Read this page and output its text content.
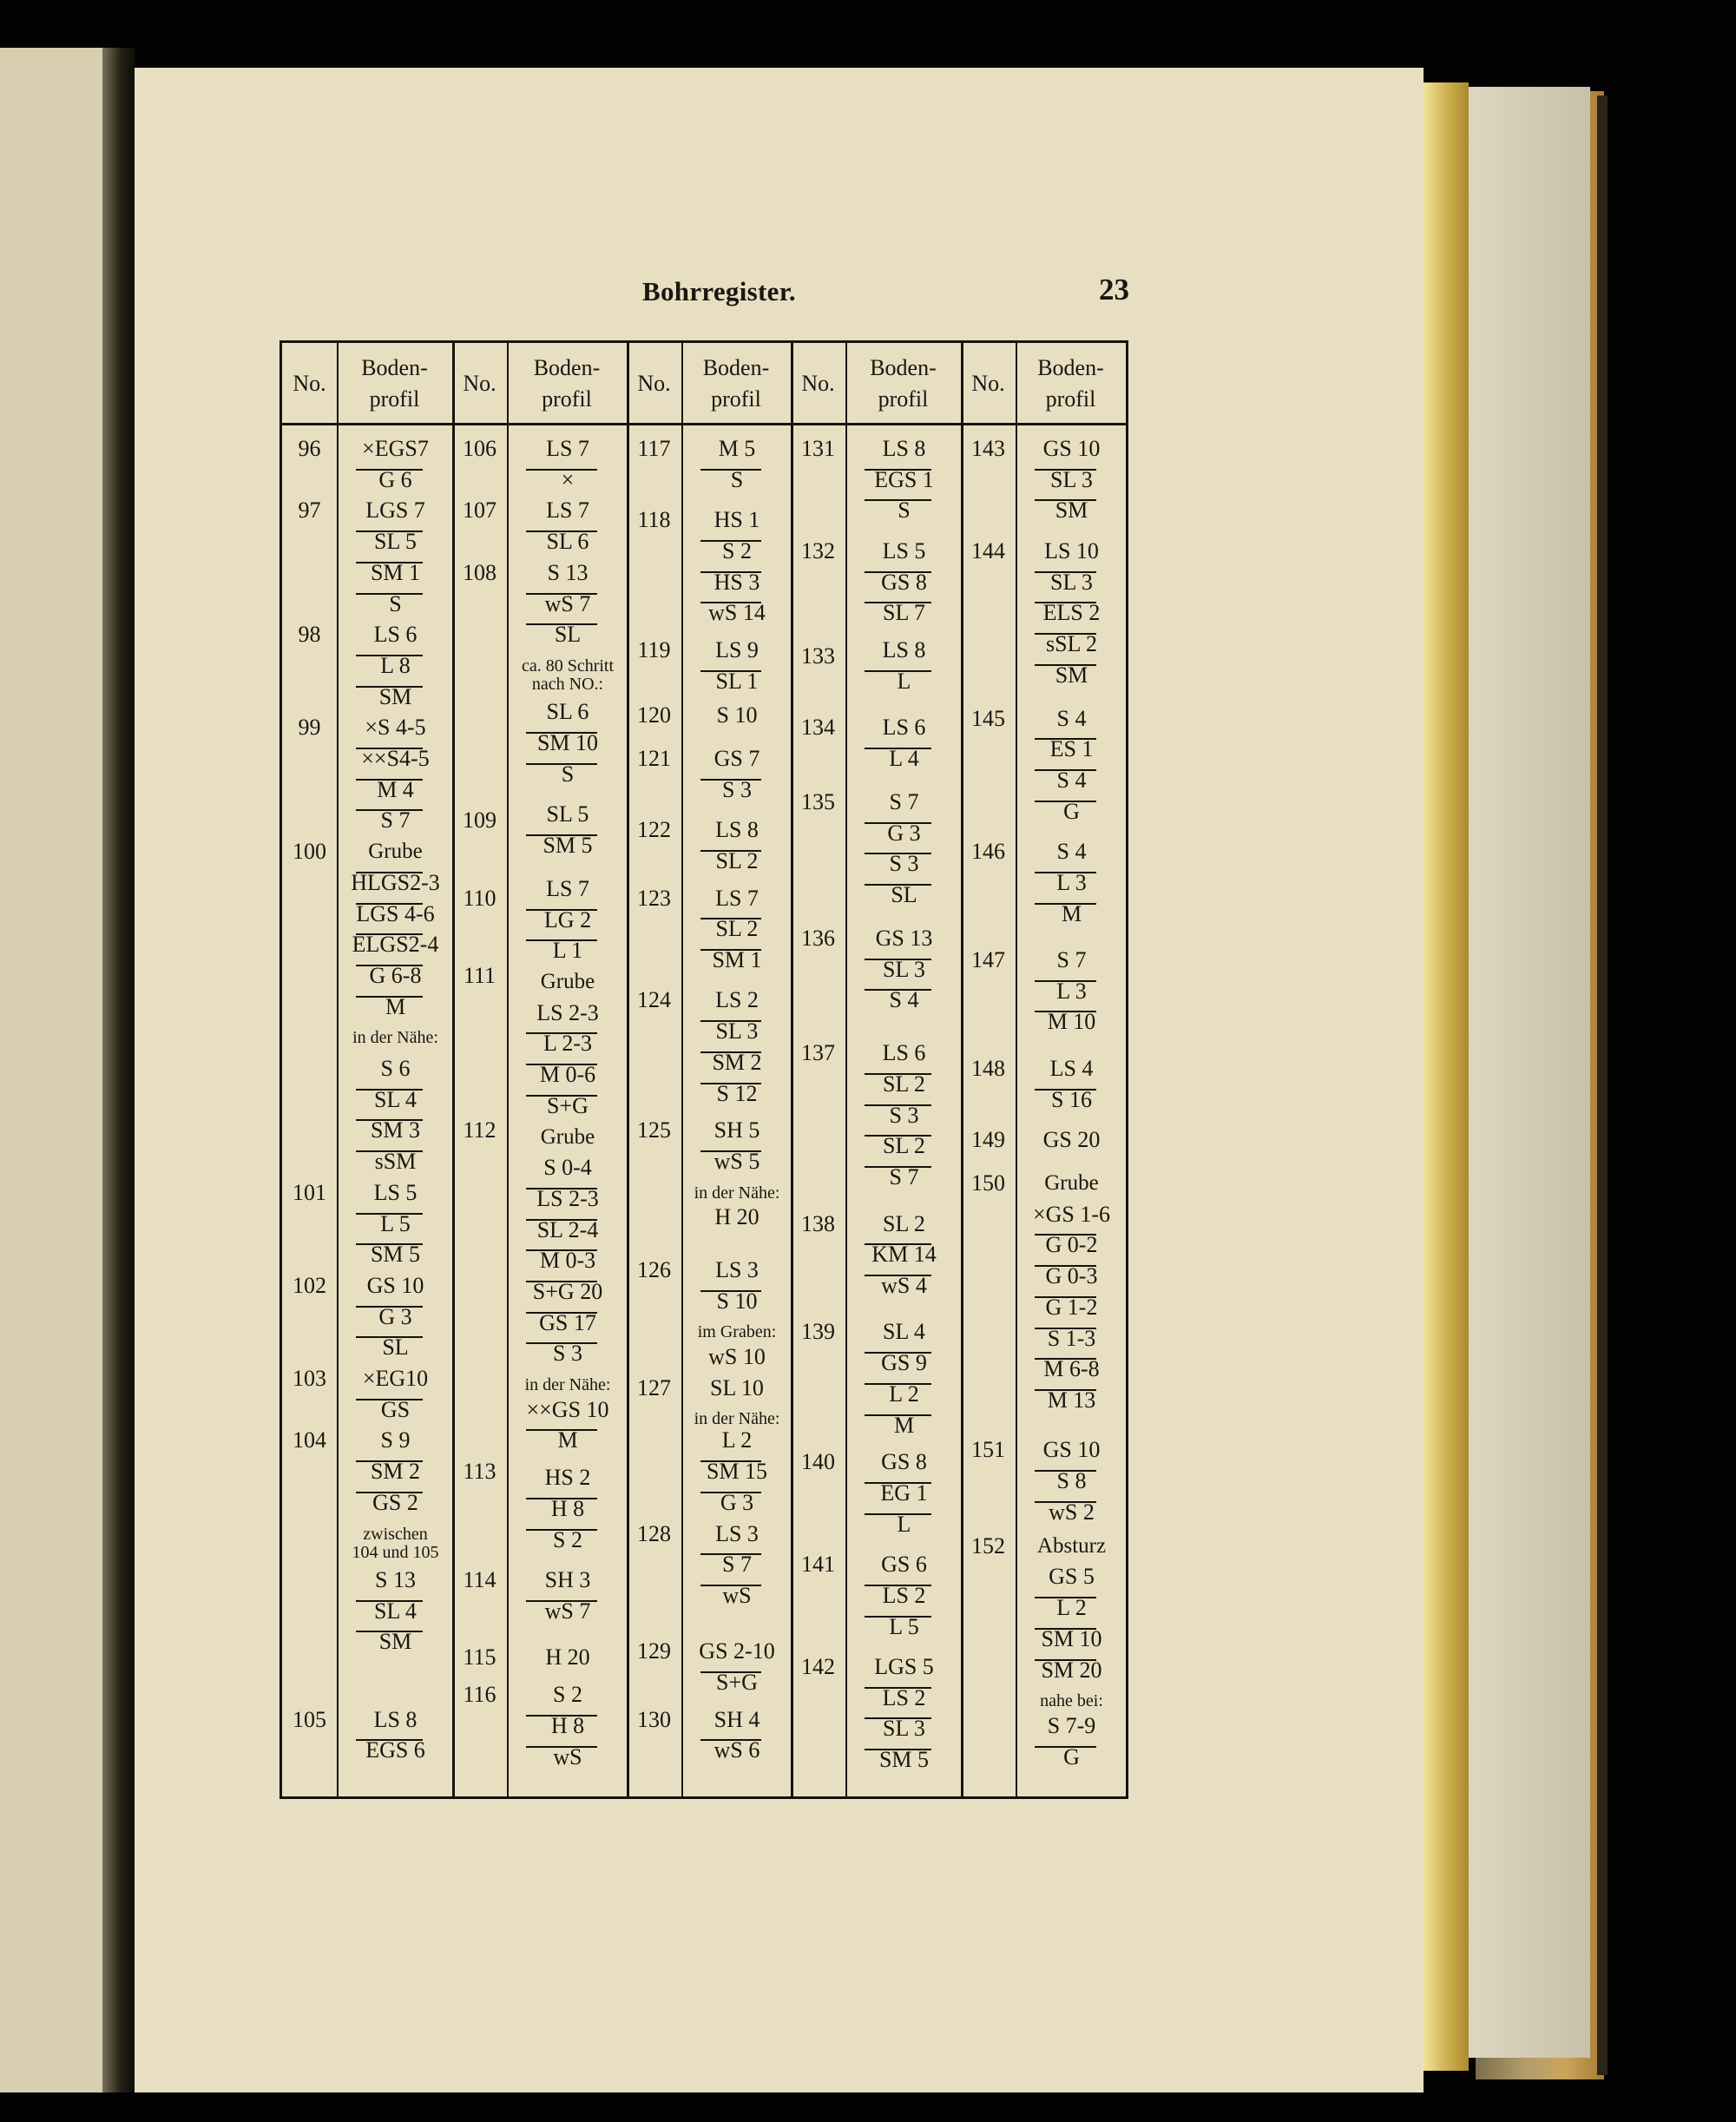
Bohrregister.	23
No.
Boden-
profil
96
97
98
99
100
101
102
103
104
105
×EGS7
G 6
LGS 7
SL 5
SM 1
S
LS 6
L 8
SM
×S 4-5
××S4-5
M 4
S 7
Grube
HLGS2-3
LGS 4-6
ELGS2-4
G 6-8
M
in der Nähe:
S 6
SL 4
SM 3
sSM
LS 5
L 5
SM 5
GS 10
G 3
SL
×EG10
GS
S 9
SM 2
GS 2
zwischen
104 und 105
S 13
SL 4
SM
LS 8
EGS 6
No.
Boden-
profil
106
107
108
109
110
111
112
113
114
115
116
LS 7
×
LS 7
SL 6
S 13
wS 7
SL
ca. 80 Schritt
nach NO.:
SL 6
SM 10
S
SL 5
SM 5
LS 7
LG 2
L 1
Grube
LS 2-3
L 2-3
M 0-6
S+G
Grube
S 0-4
LS 2-3
SL 2-4
M 0-3
S+G 20
GS 17
S 3
in der Nähe:
××GS 10
M
HS 2
H 8
S 2
SH 3
wS 7
H 20
S 2
H 8
wS
No.
Boden-
profil
117
118
119
120
121
122
123
124
125
126
127
128
129
130
M 5
S
HS 1
S 2
HS 3
wS 14
LS 9
SL 1
S 10
GS 7
S 3
LS 8
SL 2
LS 7
SL 2
SM 1
LS 2
SL 3
SM 2
S 12
SH 5
wS 5
in der Nähe:
H 20
LS 3
S 10
im Graben:
wS 10
SL 10
in der Nähe:
L 2
SM 15
G 3
LS 3
S 7
wS
GS 2-10
S+G
SH 4
wS 6
No.
Boden-
profil
131
132
133
134
135
136
137
138
139
140
141
142
LS 8
EGS 1
S
LS 5
GS 8
SL 7
LS 8
L
LS 6
L 4
S 7
G 3
S 3
SL
GS 13
SL 3
S 4
LS 6
SL 2
S 3
SL 2
S 7
SL 2
KM 14
wS 4
SL 4
GS 9
L 2
M
GS 8
EG 1
L
GS 6
LS 2
L 5
LGS 5
LS 2
SL 3
SM 5
No.
Boden-
profil
143
144
145
146
147
148
149
150
151
152
GS 10
SL 3
SM
LS 10
SL 3
ELS 2
sSL 2
SM
S 4
ES 1
S 4
G
S 4
L 3
M
S 7
L 3
M 10
LS 4
S 16
GS 20
Grube
×GS 1-6
G 0-2
G 0-3
G 1-2
S 1-3
M 6-8
M 13
GS 10
S 8
wS 2
Absturz
GS 5
L 2
SM 10
SM 20
nahe bei:
S 7-9
G
